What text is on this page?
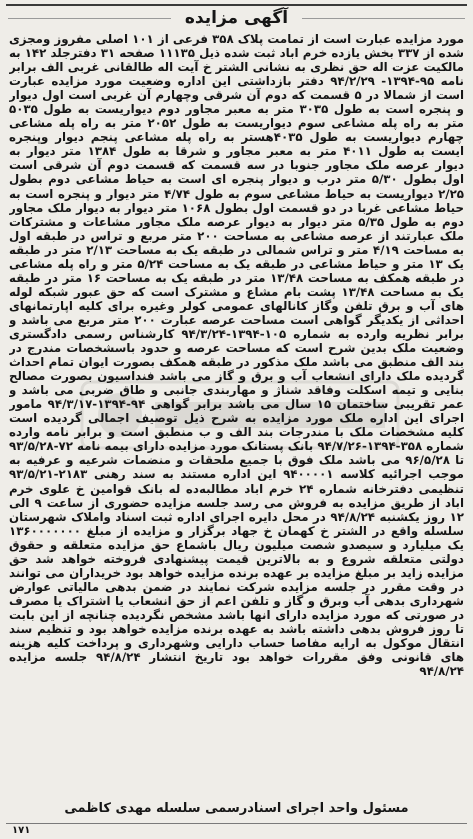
آگهی مزایده

مورد مزایده عبارت است از تمامت پلاک ۳۵۸ فرعی از ۱۰۱ اصلی مفروز ومجزی شده از ۳۳۷ بخش یازده خرم اباد ثبت شده ذیل ۱۱۱۳۵ صفحه ۳۱ دفترجلد ۱۴۲ به مالکیت عزت اله حق نظری به نشانی الشتر خ آیت اله طالقانی غربی الف برابر نامه ۹۵-۱۳۹۴- ۹۴/۲/۲۹ دفتر بازداشتی این اداره وضعیت مورد مزایده عبارت است از شمالا در ۵ قسمت که دوم آن شرقی وچهارم آن غربی است اول دیوار و پنجره است به طول ۳۰۳۵ متر به معبر مجاور دوم دیواریست به طول ۵۰۳۵ متر به راه پله مشاعی سوم دیواریست به طول ۲۰۵۲ متر به راه پله مشاعی چهارم دیواریست به طول ۴۰۳۵هستر به راه پله مشاعی پنجم دیوار وپنجره ایست به طول ۴۰۱۱ متر به معبر مجاور و شرقا به طول ۱۳۸۴ متر دیوار به دیوار عرصه ملک مجاور جنوبا در سه قسمت که قسمت دوم آن شرقی است اول بطول ۵/۳۰ متر درب و دیوار پنجره ای است به حیاط مشاعی دوم بطول ۲/۲۵ دیواریست به حیاط مشاعی سوم به طول ۴/۷۴ متر دیوار و پنجره است به حیاط مشاعی غربا در دو قسمت اول بطول ۱۰۶۸ متر دیوار به دیوار ملک مجاور دوم به طول ۵/۳۵ متر دیوار به دیوار عرصه ملک مجاور مشاعات و مشترکات ملک عبارتند از عرصه مشاعی به مساحت ۲۰۰ متر مربع و تراس در طبقه اول به مساحت ۴/۱۹ متر و تراس شمالی در طبقه یک به مساحت ۲/۱۳ متر در طبقه یک ۱۳ متر و حیاط مشاعی در طبقه یک به مساحت ۵/۲۴ متر و راه پله مشاعی در طبقه همکف به مساحت ۱۳/۴۸ متر در طبقه یک به مساحت ۱۶ متر در طبقه یک به مساحت ۱۳/۴۸ پشت بام مشاع و مشترک است که حق عبور شبکه لوله های آب و برق تلفن وگاز کانالهای عمومی کولر وغیره برای کلیه اپارتمانهای احداثی از یکدیگر گواهی است مساحت عرصه عبارت ۲۰۰ متر مربع می باشد و برابر نظریه وارده به شماره ۱۰۵-۱۳۹۴-۹۴/۳/۲۴ کارشناس رسمی دادگستری وضعیت ملک بدین شرح است که مساحت عرصه و حدود باسشخصات مندرج در بند الف منطبق می باشد ملک مذکور در طبقه همکف بصورت ایوان تمام احداث گردیده ملک دارای انشعاب آب و برق و گاز می باشد فنداسیون بصورت مصالح بنایی و تیمه اسکلت وفاقد شناژ و مهاربندی جانبی و طاق ضربی می باشد و عمر تقریبی ساختمان ۱۵ سال می باشد برابر گواهی ۹۴-۱۳۹۴-۹۴/۳/۱۷ مامور اجرای این اداره ملک مورد مزایده به شرح ذیل توصیف اجمالی گردیده است کلیه مشخصات ملک با مندرجات بند الف و ب منطبق است و برابر نامه وارده شماره ۳۵۸-۱۳۹۴-۹۴/۷/۲۶ بانک پستانک مورد مزایده دارای بیمه نامه ۷۲-۹۳/۵/۲۸ تا ۹۶/۵/۲۸ می باشد ملک فوق با جمیع ملحقات و منضمات شرعیه و عرفیه به موجب اجرائیه کلاسه ۹۴۰۰۰۰۱ این اداره مستند به سند رهنی ۲۱۸۳-۹۳/۵/۲۱ تنظیمی دفترخانه شماره ۲۴ خرم اباد مطالبه‌ده له بانک قوامین خ علوی خرم اباد از طریق مزایده به فروش می رسد جلسه مزایده حضوری از ساعت ۹ الی ۱۲ روز یکشنبه ۹۴/۸/۲۴ در محل دایره اجرای اداره ثبت اسناد واملاک شهرستان سلسله واقع در الشتر خ کهمان خ جهاد برگزار و مزایده از مبلغ ۱۳۶۰۰۰۰۰۰۰ یک میلیارد و سیصدو شصت میلیون ریال باشماع حق مزایده متعلقه و حقوق دولتی متعلقه شروع و به بالاترین قیمت پیشنهادی فروخته خواهد شد حق مزایده زاید بر مبلغ مزایده بر عهده برنده مزایده خواهد بود خریداران می توانند در وقت مقرر در جلسه مزایده شرکت نمایند در ضمن بدهی مالیاتی عوارض شهرداری بدهی آب وبرق و گاز و تلفن اعم از حق انشعاب یا اشتراک یا مصرف در صورتی که مورد مزایده دارای انها باشد مشخص نگردیده چنانچه از این بابت تا روز فروش بدهی داشته باشد به عهده برنده مزایده خواهد بود و تنظیم سند انتقال موکول به ارایه مفاصا حساب دارایی وشهرداری و پرداخت کلیه هزینه های قانونی وفق مقررات خواهد بود تاریخ انتشار ۹۴/۸/۲۴ جلسه مزایده ۹۴/۸/۲۴

مسئول واحد اجرای اسنادرسمی سلسله مهدی کاظمی
۱۷۱
